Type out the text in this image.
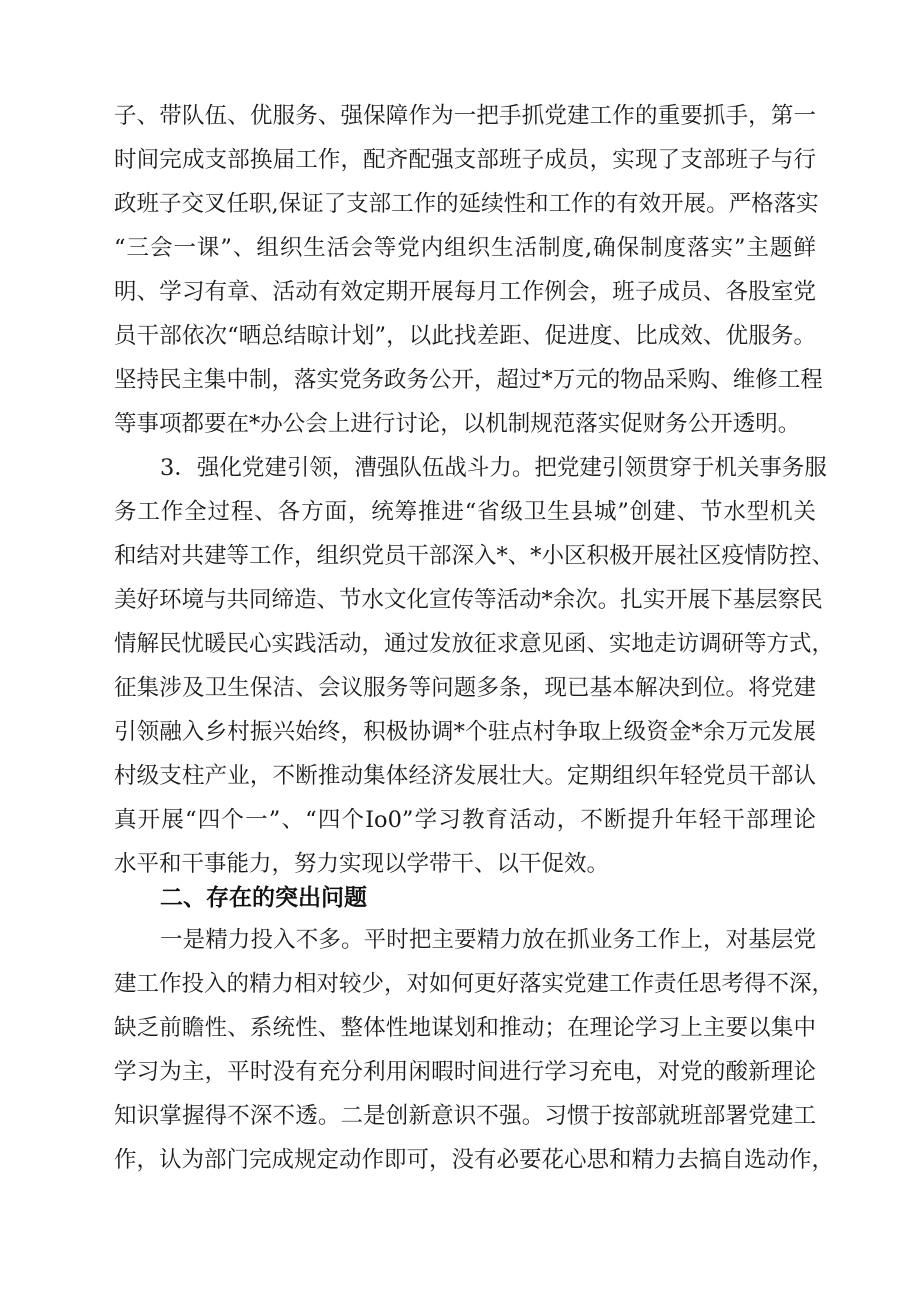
子、带队伍、优服务、强保障作为一把手抓党建工作的重要抓手，第一
时间完成支部换届工作，配齐配强支部班子成员，实现了支部班子与行
政班子交叉任职,保证了支部工作的延续性和工作的有效开展。严格落实
“三会一课”、组织生活会等党内组织生活制度,确保制度落实”主题鲜
明、学习有章、活动有效定期开展每月工作例会，班子成员、各股室党
员干部依次“晒总结晾计划”，以此找差距、促进度、比成效、优服务。
坚持民主集中制，落实党务政务公开，超过*万元的物品采购、维修工程
等事项都要在*办公会上进行讨论，以机制规范落实促财务公开透明。
3．强化党建引领，漕强队伍战斗力。把党建引领贯穿于机关事务服
务工作全过程、各方面，统筹推进“省级卫生县城”创建、节水型机关
和结对共建等工作，组织党员干部深入*、*小区积极开展社区疫情防控、
美好环境与共同缔造、节水文化宣传等活动*余次。扎实开展下基层察民
情解民忧暖民心实践活动，通过发放征求意见函、实地走访调研等方式，
征集涉及卫生保洁、会议服务等问题多条，现已基本解决到位。将党建
引领融入乡村振兴始终，积极协调*个驻点村争取上级资金*余万元发展
村级支柱产业，不断推动集体经济发展壮大。定期组织年轻党员干部认
真开展“四个一”、“四个Io0”学习教育活动，不断提升年轻干部理论
水平和干事能力，努力实现以学带干、以干促效。
二、存在的突出问题
一是精力投入不多。平时把主要精力放在抓业务工作上，对基层党
建工作投入的精力相对较少，对如何更好落实党建工作责任思考得不深，
缺乏前瞻性、系统性、整体性地谋划和推动；在理论学习上主要以集中
学习为主，平时没有充分利用闲暇时间进行学习充电，对党的酸新理论
知识掌握得不深不透。二是创新意识不强。习惯于按部就班部署党建工
作，认为部门完成规定动作即可，没有必要花心思和精力去搞自选动作，
